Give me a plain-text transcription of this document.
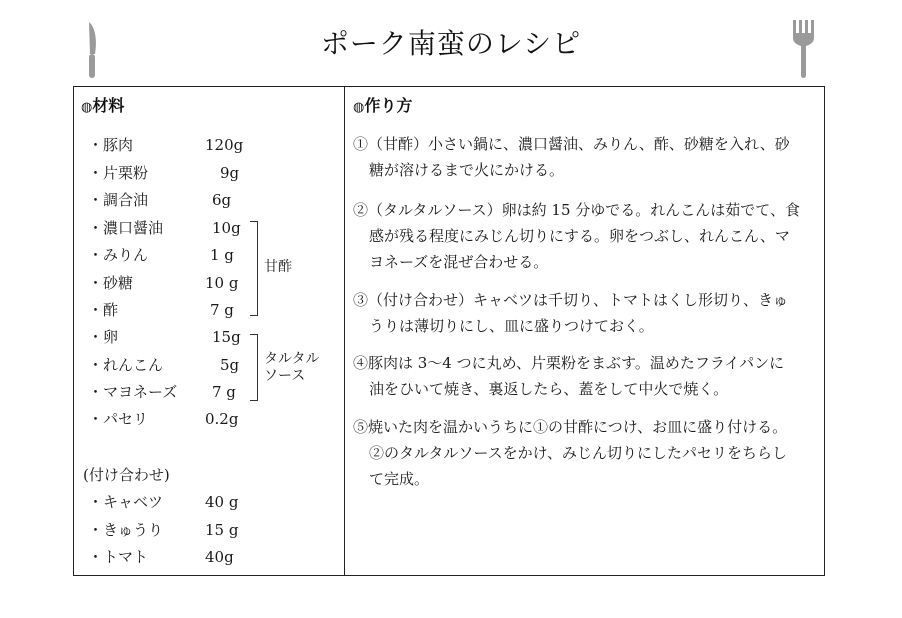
ポーク南蛮のレシピ
◍材料
・豚肉	120g
・片栗粉	9g
・調合油	6g
・濃口醤油	10g
・みりん	1 g
・砂糖	10 g
・酢	7 g
・卵	15g
・れんこん	5g
・マヨネーズ 7 g
・パセリ	0.2g
甘酢
タルタル
ソース
(付け合わせ)
・キャベツ	40 g
・きゅうり	15 g
・トマト	40g
◍作り方
①（甘酢）小さい鍋に、濃口醤油、みりん、酢、砂糖を入れ、砂
糖が溶けるまで火にかける。
②（タルタルソース）卵は約 15 分ゆでる。れんこんは茹でて、食
感が残る程度にみじん切りにする。卵をつぶし、れんこん、マ
ヨネーズを混ぜ合わせる。
③（付け合わせ）キャベツは千切り、トマトはくし形切り、きゅ
うりは薄切りにし、皿に盛りつけておく。
④豚肉は 3〜4 つに丸め、片栗粉をまぶす。温めたフライパンに
油をひいて焼き、裏返したら、蓋をして中火で焼く。
⑤焼いた肉を温かいうちに①の甘酢につけ、お皿に盛り付ける。
②のタルタルソースをかけ、みじん切りにしたパセリをちらし
て完成。
